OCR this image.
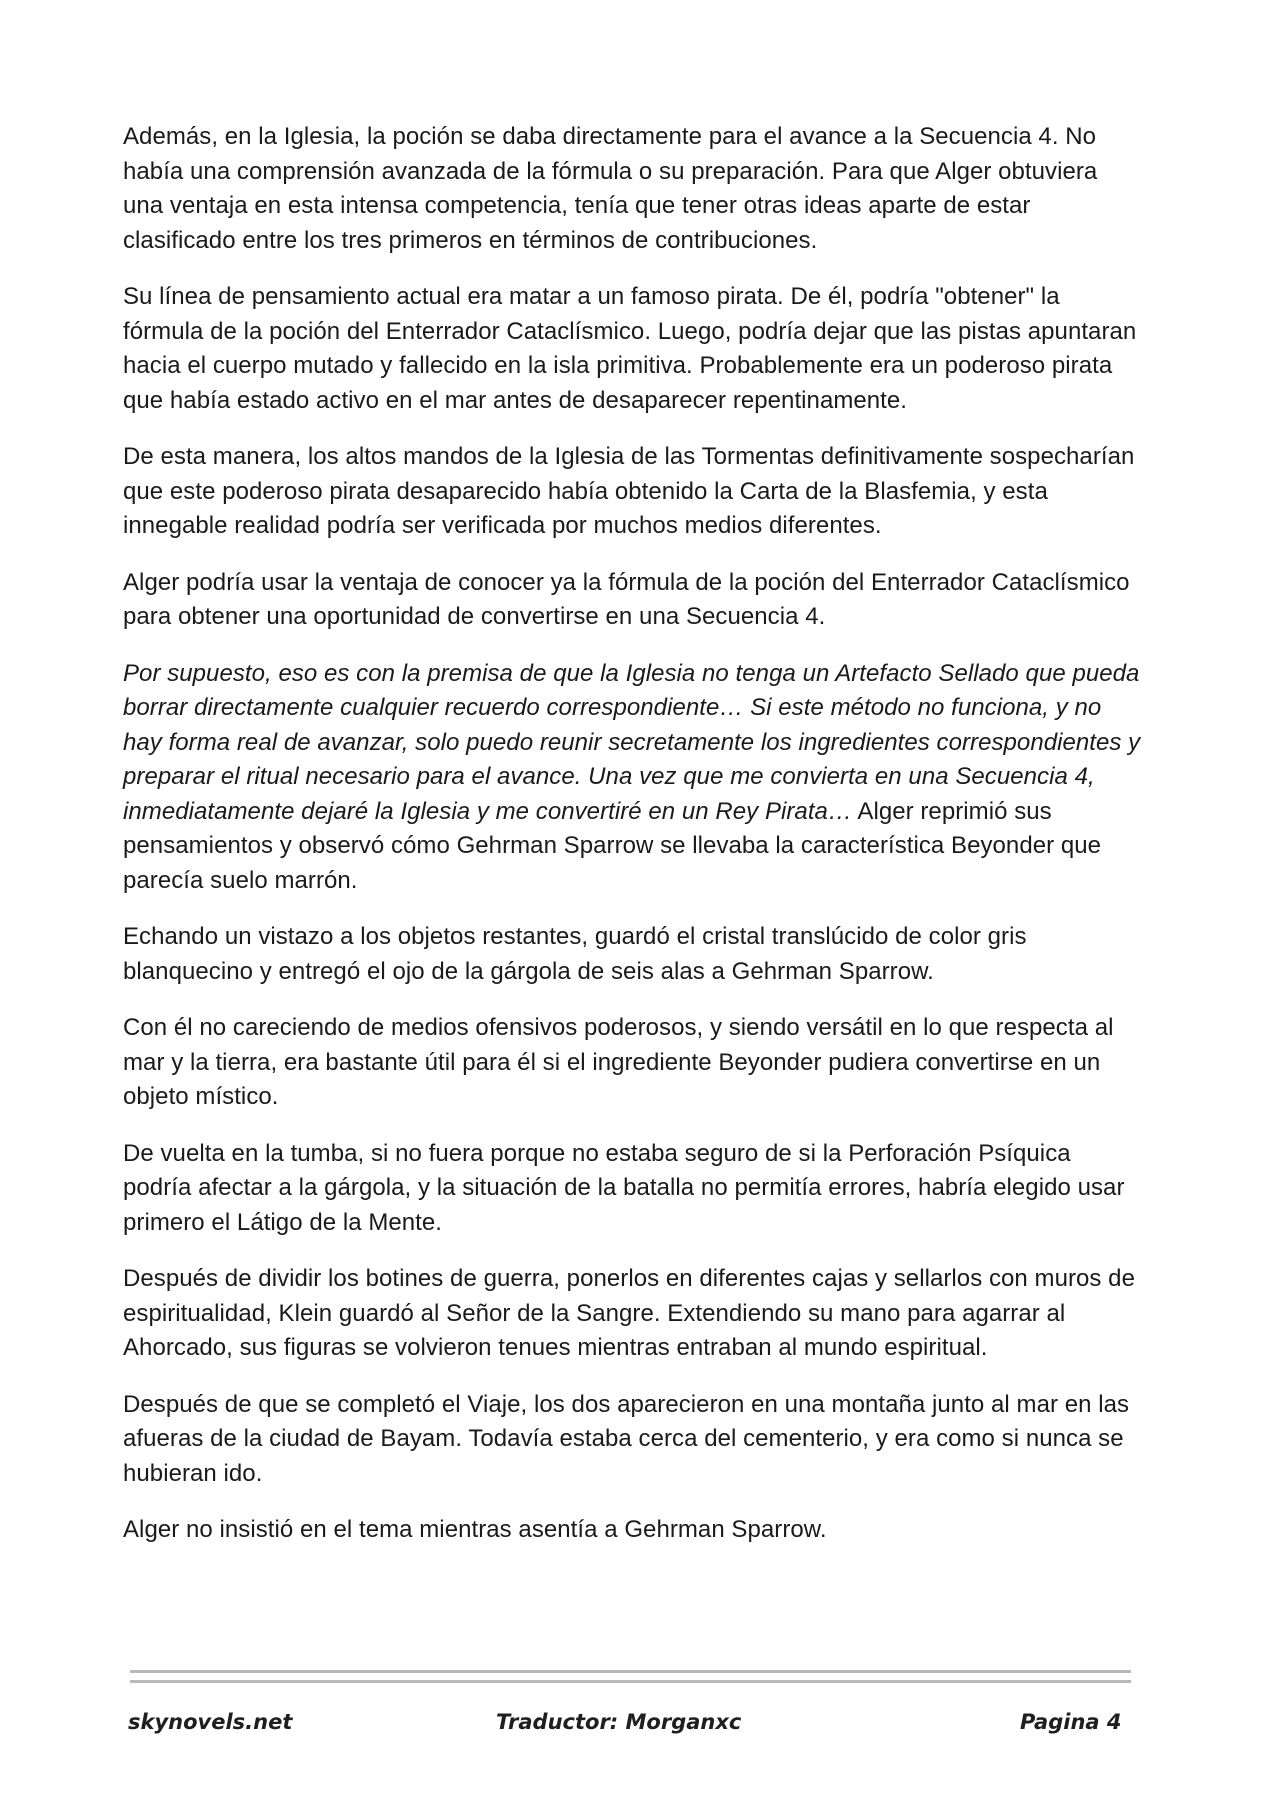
Además, en la Iglesia, la poción se daba directamente para el avance a la Secuencia 4. No había una comprensión avanzada de la fórmula o su preparación. Para que Alger obtuviera una ventaja en esta intensa competencia, tenía que tener otras ideas aparte de estar clasificado entre los tres primeros en términos de contribuciones.

Su línea de pensamiento actual era matar a un famoso pirata. De él, podría "obtener" la fórmula de la poción del Enterrador Cataclísmico. Luego, podría dejar que las pistas apuntaran hacia el cuerpo mutado y fallecido en la isla primitiva. Probablemente era un poderoso pirata que había estado activo en el mar antes de desaparecer repentinamente.

De esta manera, los altos mandos de la Iglesia de las Tormentas definitivamente sospecharían que este poderoso pirata desaparecido había obtenido la Carta de la Blasfemia, y esta innegable realidad podría ser verificada por muchos medios diferentes.

Alger podría usar la ventaja de conocer ya la fórmula de la poción del Enterrador Cataclísmico para obtener una oportunidad de convertirse en una Secuencia 4.

Por supuesto, eso es con la premisa de que la Iglesia no tenga un Artefacto Sellado que pueda borrar directamente cualquier recuerdo correspondiente… Si este método no funciona, y no hay forma real de avanzar, solo puedo reunir secretamente los ingredientes correspondientes y preparar el ritual necesario para el avance. Una vez que me convierta en una Secuencia 4, inmediatamente dejaré la Iglesia y me convertiré en un Rey Pirata… Alger reprimió sus pensamientos y observó cómo Gehrman Sparrow se llevaba la característica Beyonder que parecía suelo marrón.

Echando un vistazo a los objetos restantes, guardó el cristal translúcido de color gris blanquecino y entregó el ojo de la gárgola de seis alas a Gehrman Sparrow.

Con él no careciendo de medios ofensivos poderosos, y siendo versátil en lo que respecta al mar y la tierra, era bastante útil para él si el ingrediente Beyonder pudiera convertirse en un objeto místico.

De vuelta en la tumba, si no fuera porque no estaba seguro de si la Perforación Psíquica podría afectar a la gárgola, y la situación de la batalla no permitía errores, habría elegido usar primero el Látigo de la Mente.

Después de dividir los botines de guerra, ponerlos en diferentes cajas y sellarlos con muros de espiritualidad, Klein guardó al Señor de la Sangre. Extendiendo su mano para agarrar al Ahorcado, sus figuras se volvieron tenues mientras entraban al mundo espiritual.

Después de que se completó el Viaje, los dos aparecieron en una montaña junto al mar en las afueras de la ciudad de Bayam. Todavía estaba cerca del cementerio, y era como si nunca se hubieran ido.

Alger no insistió en el tema mientras asentía a Gehrman Sparrow.

skynovels.net	Traductor: Morganxc	Pagina 4
